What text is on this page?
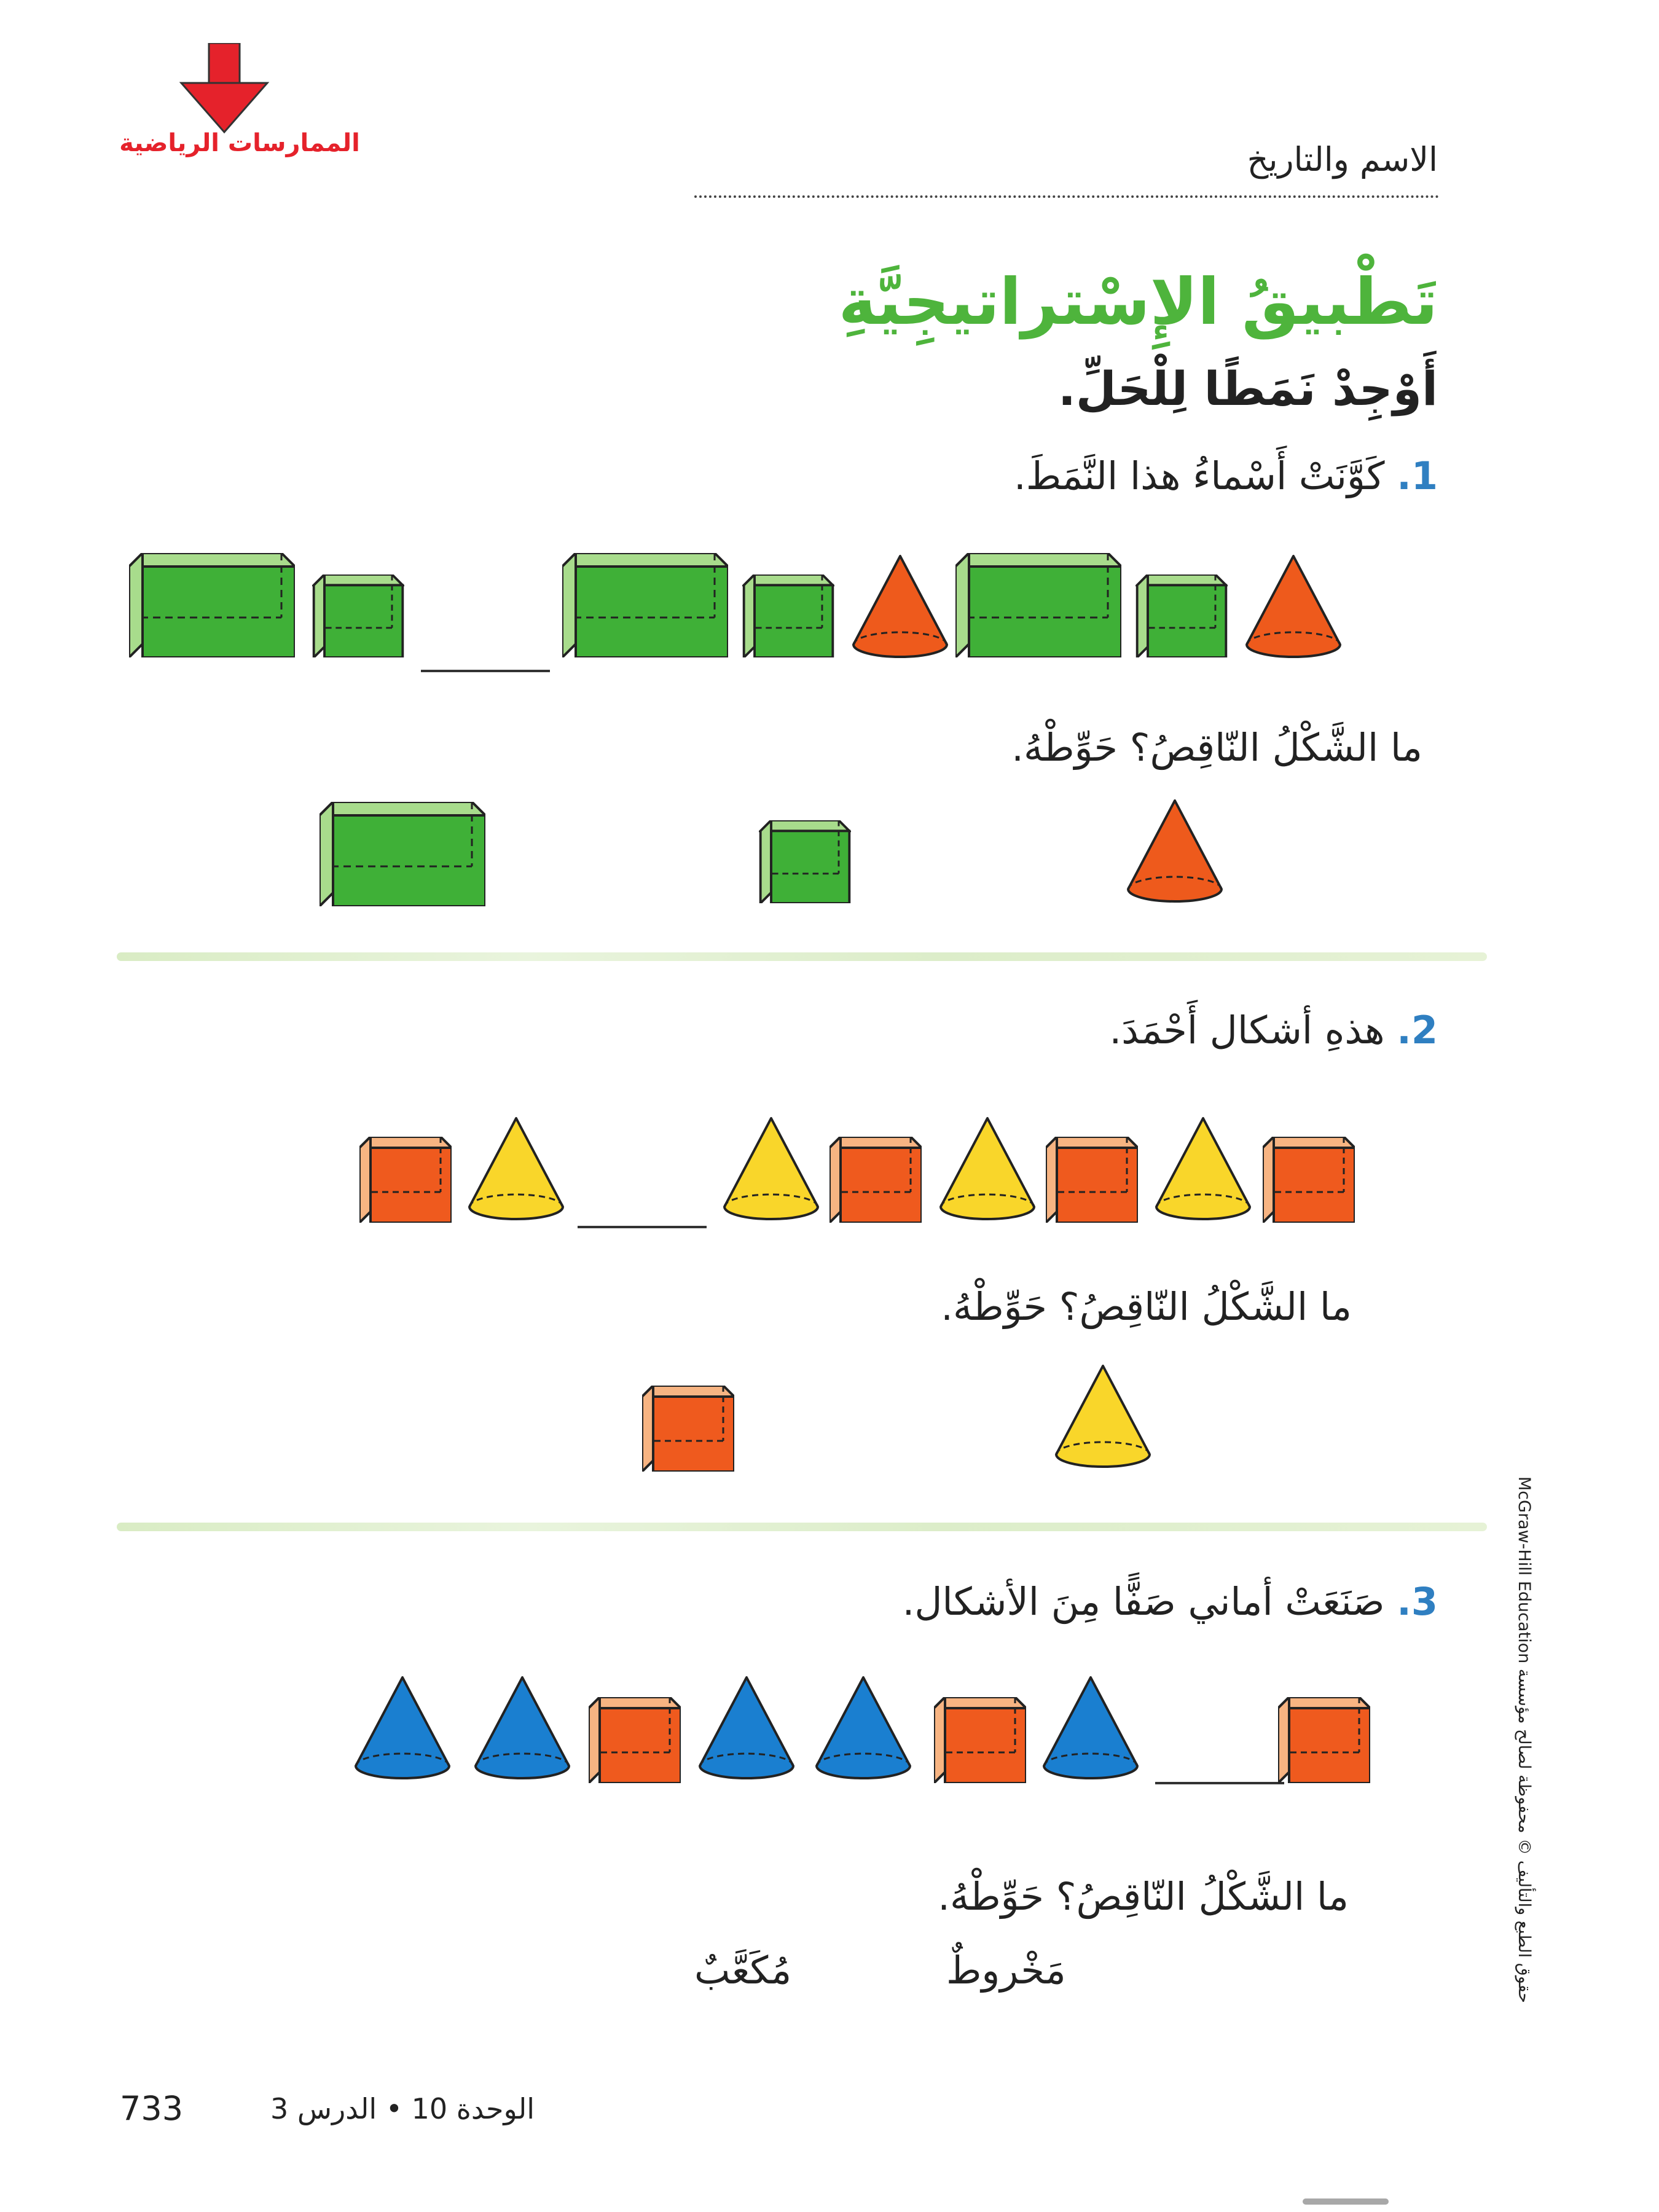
الممارسات الرياضية	الاسم والتاريخ
تَطْبيقُ الإِسْتراتيجِيَّةِ
أَوْجِدْ نَمَطًا لِلْحَلِّ.
1. كَوَّنَتْ أَسْماءُ هذا النَّمَطَ.
ما الشَّكْلُ النّاقِصُ؟ حَوِّطْهُ.
2. هذهِ أشكال أَحْمَدَ.
ما الشَّكْلُ النّاقِصُ؟ حَوِّطْهُ.
3. صَنَعَتْ أماني صَفًّا مِنَ الأشكال.
ما الشَّكْلُ النّاقِصُ؟ حَوِّطْهُ.
مَخْروطٌ
مُكَعَّبٌ
حقوق الطبع والتأليف © محفوظة لصالح مؤسسة McGraw-Hill Education
الوحدة 10 • الدرس 3
733
